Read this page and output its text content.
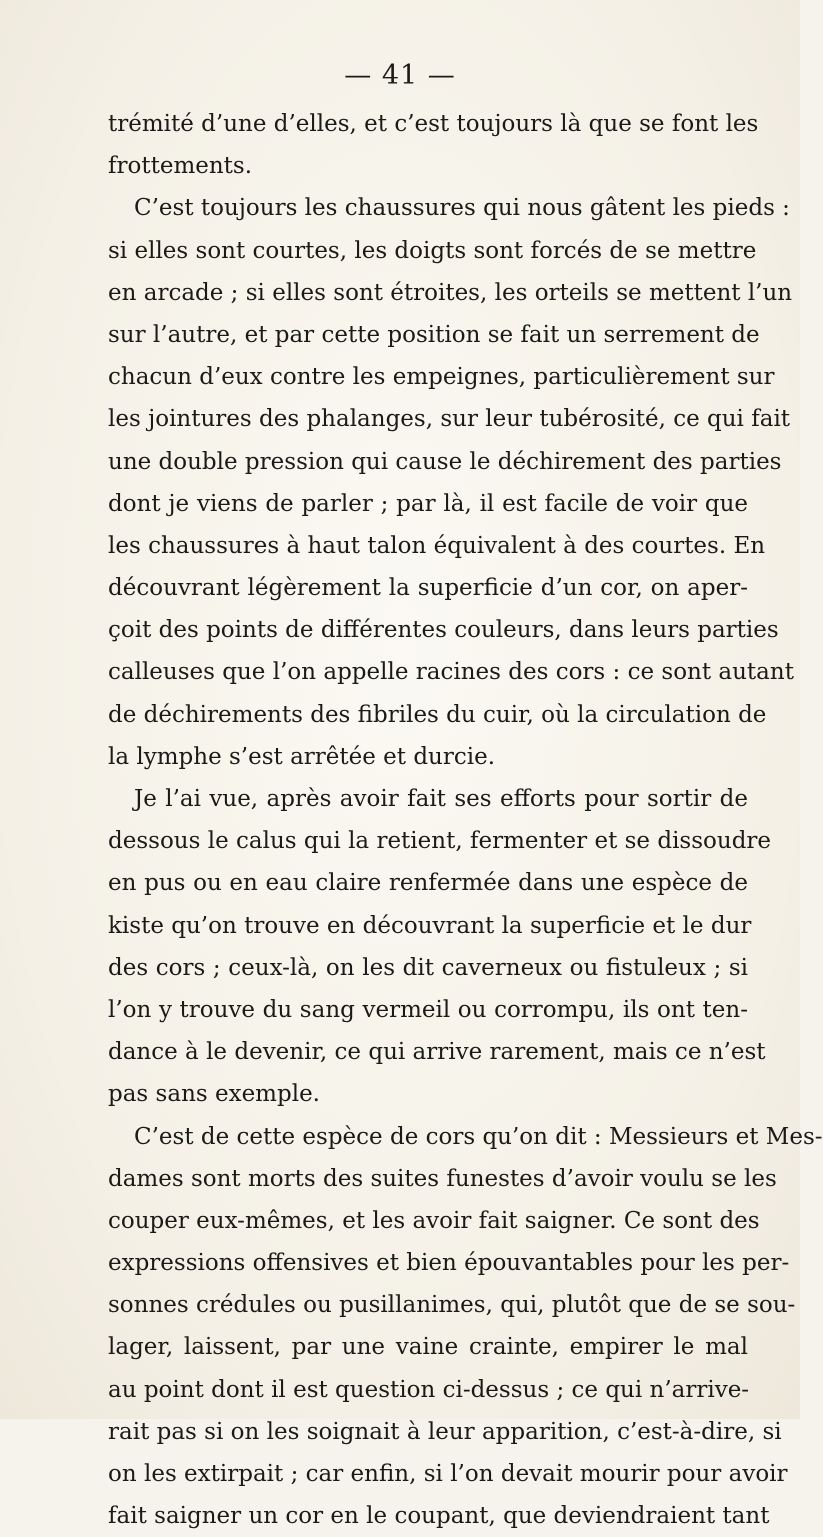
— 41 —
trémité d’une d’elles, et c’est toujours là que se font les
frottements.
C’est toujours les chaussures qui nous gâtent les pieds :
si elles sont courtes, les doigts sont forcés de se mettre
en arcade ; si elles sont étroites, les orteils se mettent l’un
sur l’autre, et par cette position se fait un serrement de
chacun d’eux contre les empeignes, particulièrement sur
les jointures des phalanges, sur leur tubérosité, ce qui fait
une double pression qui cause le déchirement des parties
dont je viens de parler ; par là, il est facile de voir que
les chaussures à haut talon équivalent à des courtes. En
découvrant légèrement la superficie d’un cor, on aper-
çoit des points de différentes couleurs, dans leurs parties
calleuses que l’on appelle racines des cors : ce sont autant
de déchirements des fibriles du cuir, où la circulation de
la lymphe s’est arrêtée et durcie.
Je l’ai vue, après avoir fait ses efforts pour sortir de
dessous le calus qui la retient, fermenter et se dissoudre
en pus ou en eau claire renfermée dans une espèce de
kiste qu’on trouve en découvrant la superficie et le dur
des cors ; ceux-là, on les dit caverneux ou fistuleux ; si
l’on y trouve du sang vermeil ou corrompu, ils ont ten-
dance à le devenir, ce qui arrive rarement, mais ce n’est
pas sans exemple.
C’est de cette espèce de cors qu’on dit : Messieurs et Mes-
dames sont morts des suites funestes d’avoir voulu se les
couper eux-mêmes, et les avoir fait saigner. Ce sont des
expressions offensives et bien épouvantables pour les per-
sonnes crédules ou pusillanimes, qui, plutôt que de se sou-
lager, laissent, par une vaine crainte, empirer le mal
au point dont il est question ci-dessus ; ce qui n’arrive-
rait pas si on les soignait à leur apparition, c’est-à-dire, si
on les extirpait ; car enfin, si l’on devait mourir pour avoir
fait saigner un cor en le coupant, que deviendraient tant
